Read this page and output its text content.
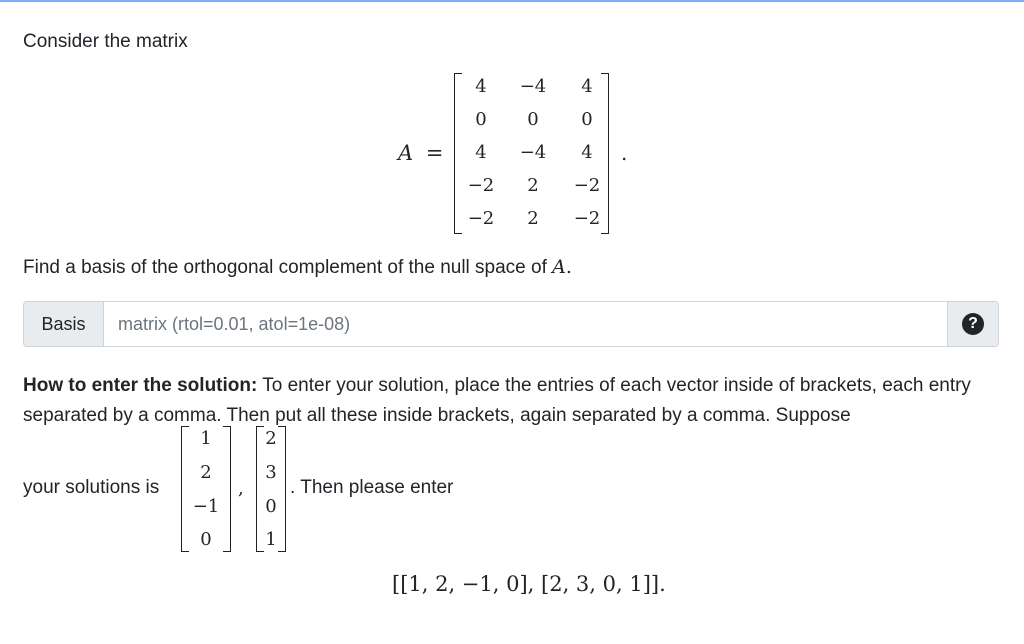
Consider the matrix
A =
4 −4 4
0 0 0
4 −4 4
−2 2 −2
−2 2 −2
.
Find a basis of the orthogonal complement of the null space of A.
Basis
matrix (rtol=0.01, atol=1e-08)	?
How to enter the solution: To enter your solution, place the entries of each vector inside of brackets, each entry separated by a comma. Then put all these inside brackets, again separated by a comma. Suppose
your solutions is
1
2
−1
0
,
2
3
0
1
. Then please enter
[[1, 2, −1, 0], [2, 3, 0, 1]].
